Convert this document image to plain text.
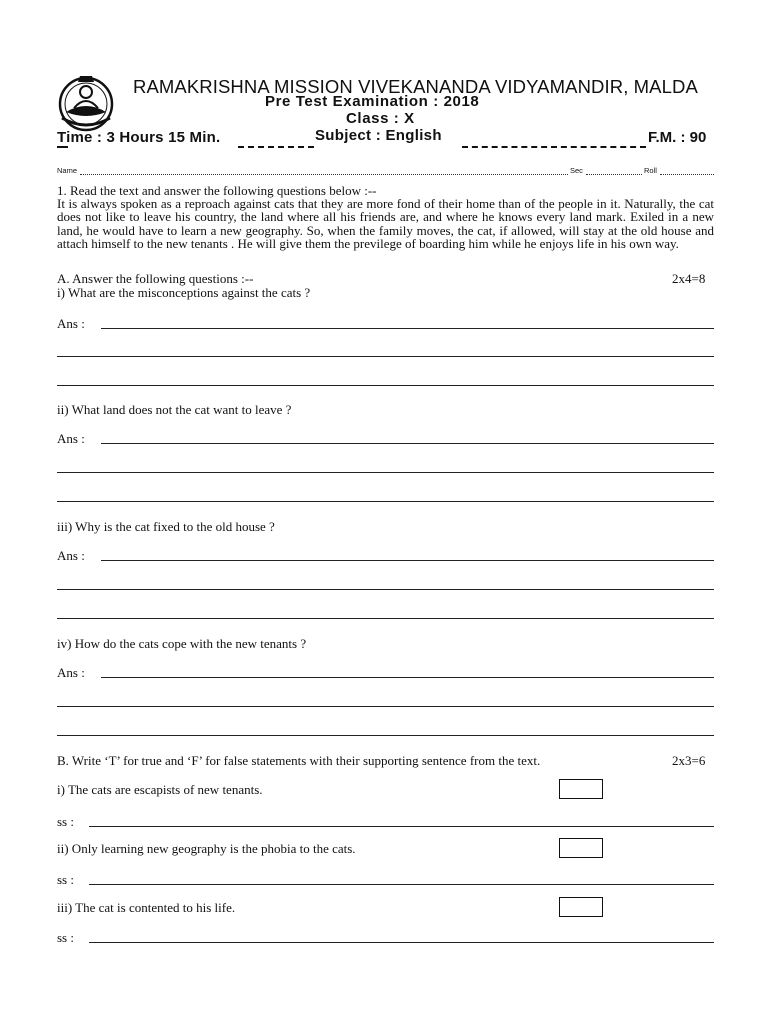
RAMAKRISHNA MISSION VIVEKANANDA VIDYAMANDIR, MALDA
Pre Test Examination : 2018
Class : X
Subject : English
Time : 3 Hours 15 Min.	F.M. : 90
Name	Sec	Roll
1. Read the text and answer the following questions below :--
It is always spoken as a reproach against cats that they are more fond of their home than of the people in it. Naturally, the cat does not like to leave his country, the land where all his friends are, and where he knows every land mark. Exiled in a new land, he would have to learn a new geography. So, when the family moves, the cat, if allowed, will stay at the old house and attach himself to the new tenants . He will give them the previlege of boarding him while he enjoys life in his own way.
A. Answer the following questions :--	2x4=8
i) What are the misconceptions against the cats ?
Ans :
ii) What land does not the cat want to leave ?
Ans :
iii) Why is the cat fixed to the old house ?
Ans :
iv) How do the cats cope with the new tenants ?
Ans :
B. Write ‘T’ for true and ‘F’ for false statements with their supporting sentence from the text.	2x3=6
i) The cats are escapists of new tenants.
ss :
ii) Only learning new geography is the phobia to the cats.
ss :
iii) The cat is contented to his life.
ss :
